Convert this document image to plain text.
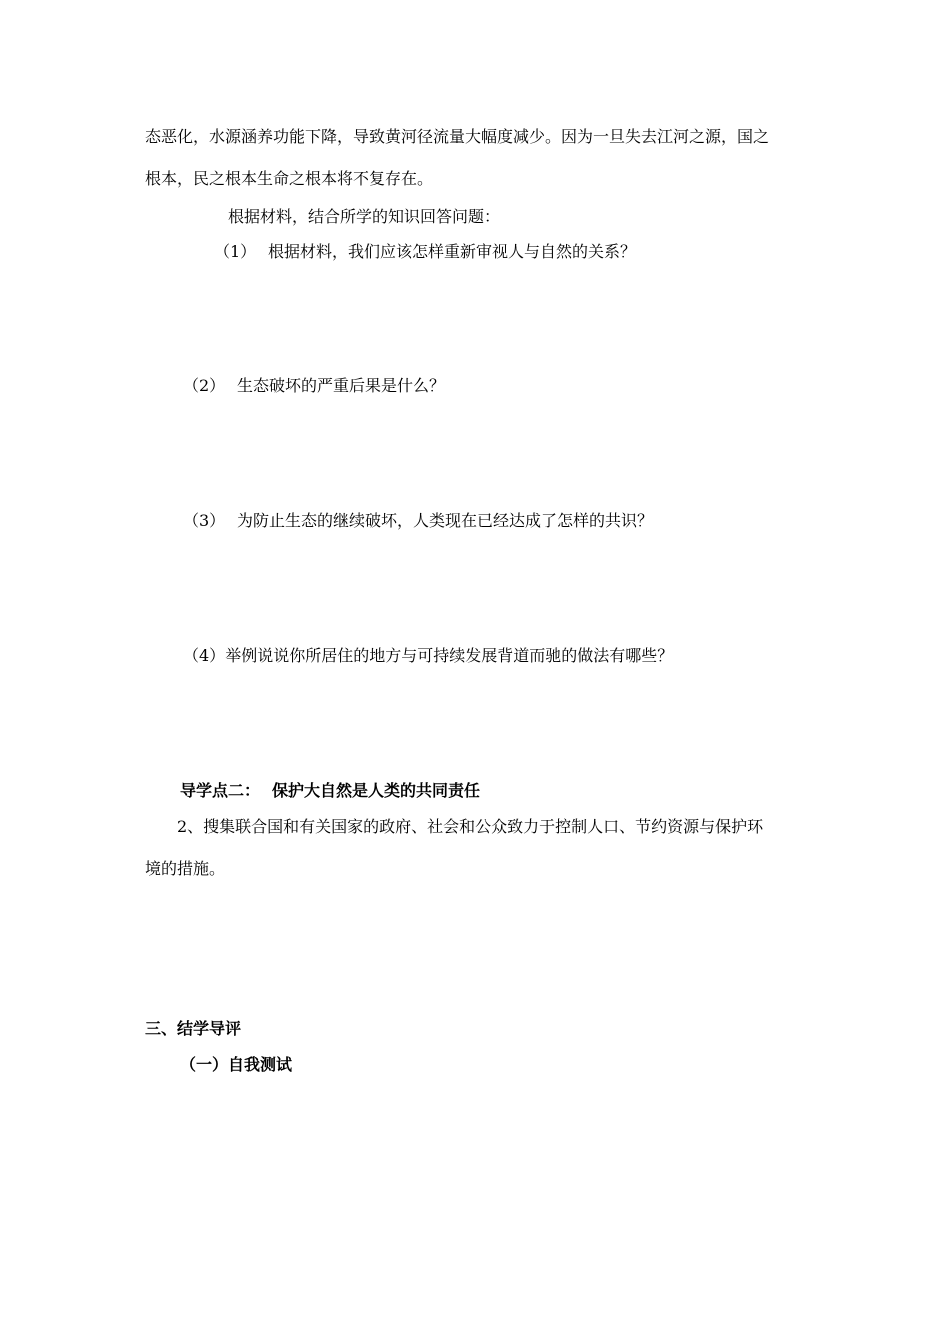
态恶化，水源涵养功能下降，导致黄河径流量大幅度减少。因为一旦失去江河之源，国之
根本，民之根本生命之根本将不复存在。
根据材料，结合所学的知识回答问题：
（1） 根据材料，我们应该怎样重新审视人与自然的关系？
（2） 生态破坏的严重后果是什么？
（3） 为防止生态的继续破坏，人类现在已经达成了怎样的共识？
（4）举例说说你所居住的地方与可持续发展背道而驰的做法有哪些？
导学点二： 保护大自然是人类的共同责任
2、搜集联合国和有关国家的政府、社会和公众致力于控制人口、节约资源与保护环
境的措施。
三、结学导评
（一）自我测试
